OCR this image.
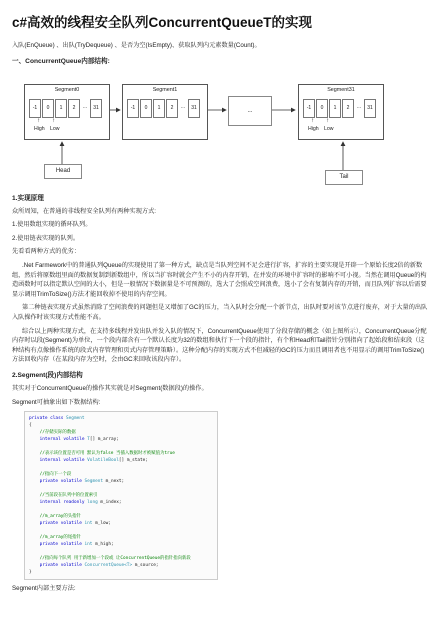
c#高效的线程安全队列ConcurrentQueueT的实现

入队(EnQueue) 、出队(TryDequeue) 、是否为空(IsEmpty)、获取队列内元素数量(Count)。

一、ConcurrentQueue内部结构:
Segment0
-1	0	1	2	...	31
↑ ↑
High Low
Segment1
-1	0	1	2	...	31	...
Segment31
-1	0	1	2	...	31
↑ ↑
High Low
Head
Tail
1.实现原理

众所周知，在普通的非线程安全队列有两种实现方式:

1.使用数组实现的循环队列。

2.使用链表实现的队列。

先看看两种方式的优劣：

.Net Farmework中的普通队列Queue的实现使用了第一种方式，缺点是当队列空间不足会进行扩容，扩容的主要实现是开辟一个原始长度2倍的新数组，然后将原数组里面的数据复制到新数组中，所以当扩容时就会产生不小的内存开销，在并发的环境中扩容时的影响不可小视。当然在调用Queue的构造函数时可以指定默认空间的大小，但是一般情况下数据量是不可预测的，选大了会照成空间浪费，选小了会有复制内存的开销，而且队列扩容以后需要显示调用TrimToSize()方法才能回收掉不使用的内存空间。

第二种链表实现方式虽然消除了空间浪费的问题但是又增加了GC的压力，当入队时会分配一个新节点，出队时要对该节点进行废弃，对于大量的出队入队操作时该实现方式性能不高。

综合以上两种实现方式，在支持多线程并发出队并发入队的情况下，ConcurrentQueue使用了分段存储的概念（如上图所示），ConcurrentQueue分配内存时以段(Segment)为单位，一个段内部含有一个默认长度为32的数组和执行下一个段的指针，有个和Head和Tail指针分别指向了起始段和结束段（这种结构有点像操作系统的段式内存管理和页式内存管理策略）。这种分配内存的实现方式不但减轻的GC的压力而且调用者也不用显示的调用TrimToSize()方法回收内存（在某段内存为空时，会由GC来回收该段内存）。

2.Segment(段)内部结构

其实对于ConcurrentQueue的操作其实就是对Segment(数据段)的操作。

Segment可抽象出如下数据结构:

private class Segment
{
//存储实际的数据
internal volatile T[] m_array;

//表示该位置是否可用 默认为false 当插入数据时才被赋值为true
internal volatile VolatileBool[] m_state;

//指向下一个段
private volatile Segment m_next;

//当前段在队列中的位置索引
internal readonly long m_index;

//m_array的头指针
private volatile int m_low;

//m_array的尾指针
private volatile int m_high;

//指向每个队列 用于新增加一个段或 让ConcurrentQueue的指针指向新段
private volatile ConcurrentQueue<T> m_source;
}

Segment内部主要方法:
